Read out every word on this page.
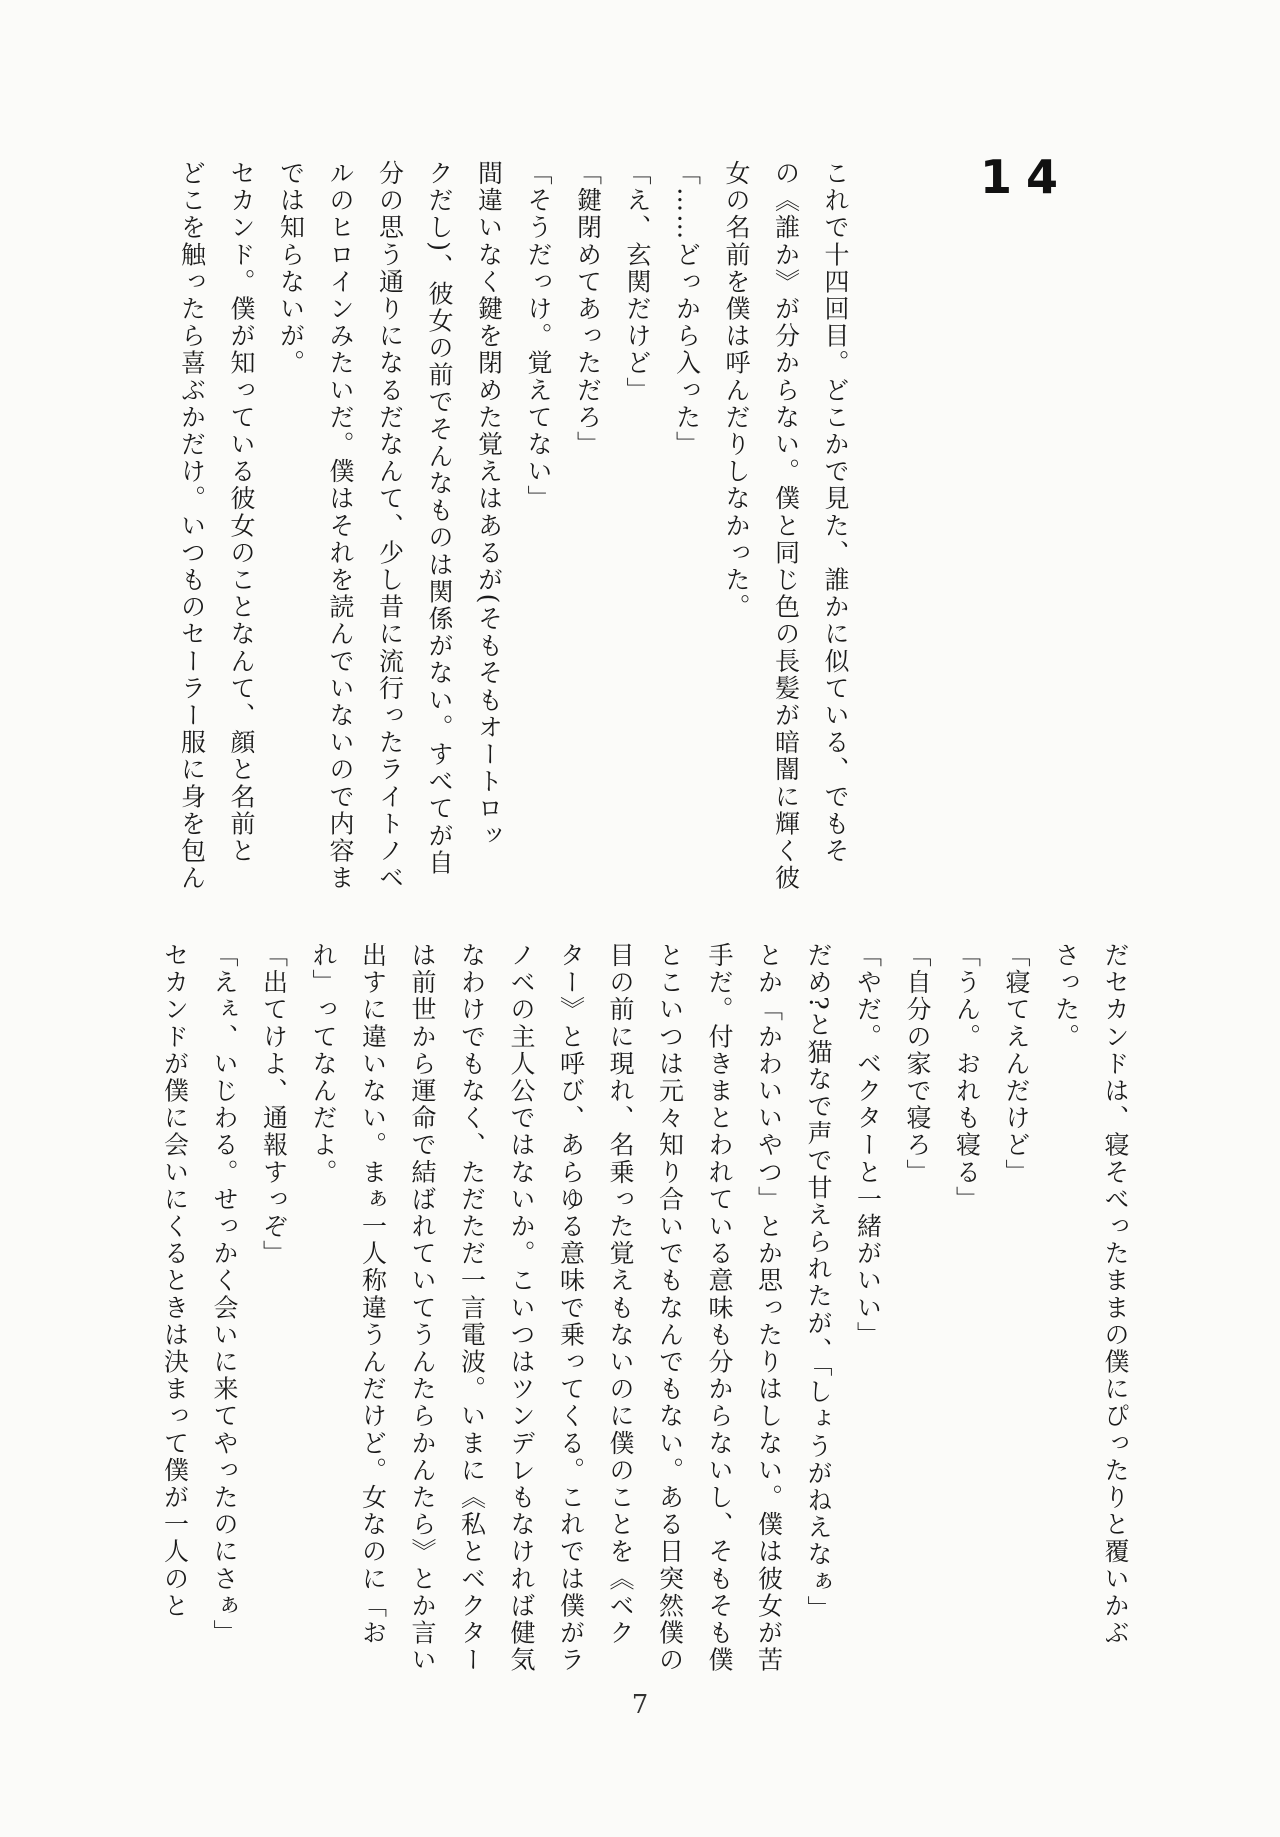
14
これで十四回目。どこかで見た、誰かに似ている、でもそ
の《誰か》が分からない。僕と同じ色の長髪が暗闇に輝く彼
女の名前を僕は呼んだりしなかった。
「……どっから入った」
「え、玄関だけど」
「鍵閉めてあっただろ」
「そうだっけ。覚えてない」
間違いなく鍵を閉めた覚えはあるが(そもそもオートロッ
クだし)、彼女の前でそんなものは関係がない。すべてが自
分の思う通りになるだなんて、少し昔に流行ったライトノベ
ルのヒロインみたいだ。僕はそれを読んでいないので内容ま
では知らないが。
セカンド。僕が知っている彼女のことなんて、顔と名前と
どこを触ったら喜ぶかだけ。いつものセーラー服に身を包ん
だセカンドは、寝そべったままの僕にぴったりと覆いかぶ
さった。
「寝てえんだけど」
「うん。おれも寝る」
「自分の家で寝ろ」
「やだ。ベクターと一緒がいい」
だめ?と猫なで声で甘えられたが、「しょうがねえなぁ」
とか「かわいいやつ」とか思ったりはしない。僕は彼女が苦
手だ。付きまとわれている意味も分からないし、そもそも僕
とこいつは元々知り合いでもなんでもない。ある日突然僕の
目の前に現れ、名乗った覚えもないのに僕のことを《ベク
ター》と呼び、あらゆる意味で乗ってくる。これでは僕がラ
ノベの主人公ではないか。こいつはツンデレもなければ健気
なわけでもなく、ただただ一言電波。いまに《私とベクター
は前世から運命で結ばれていてうんたらかんたら》とか言い
出すに違いない。まぁ一人称違うんだけど。女なのに「お
れ」ってなんだよ。
「出てけよ、通報すっぞ」
「えぇ、いじわる。せっかく会いに来てやったのにさぁ」
セカンドが僕に会いにくるときは決まって僕が一人のと
7
